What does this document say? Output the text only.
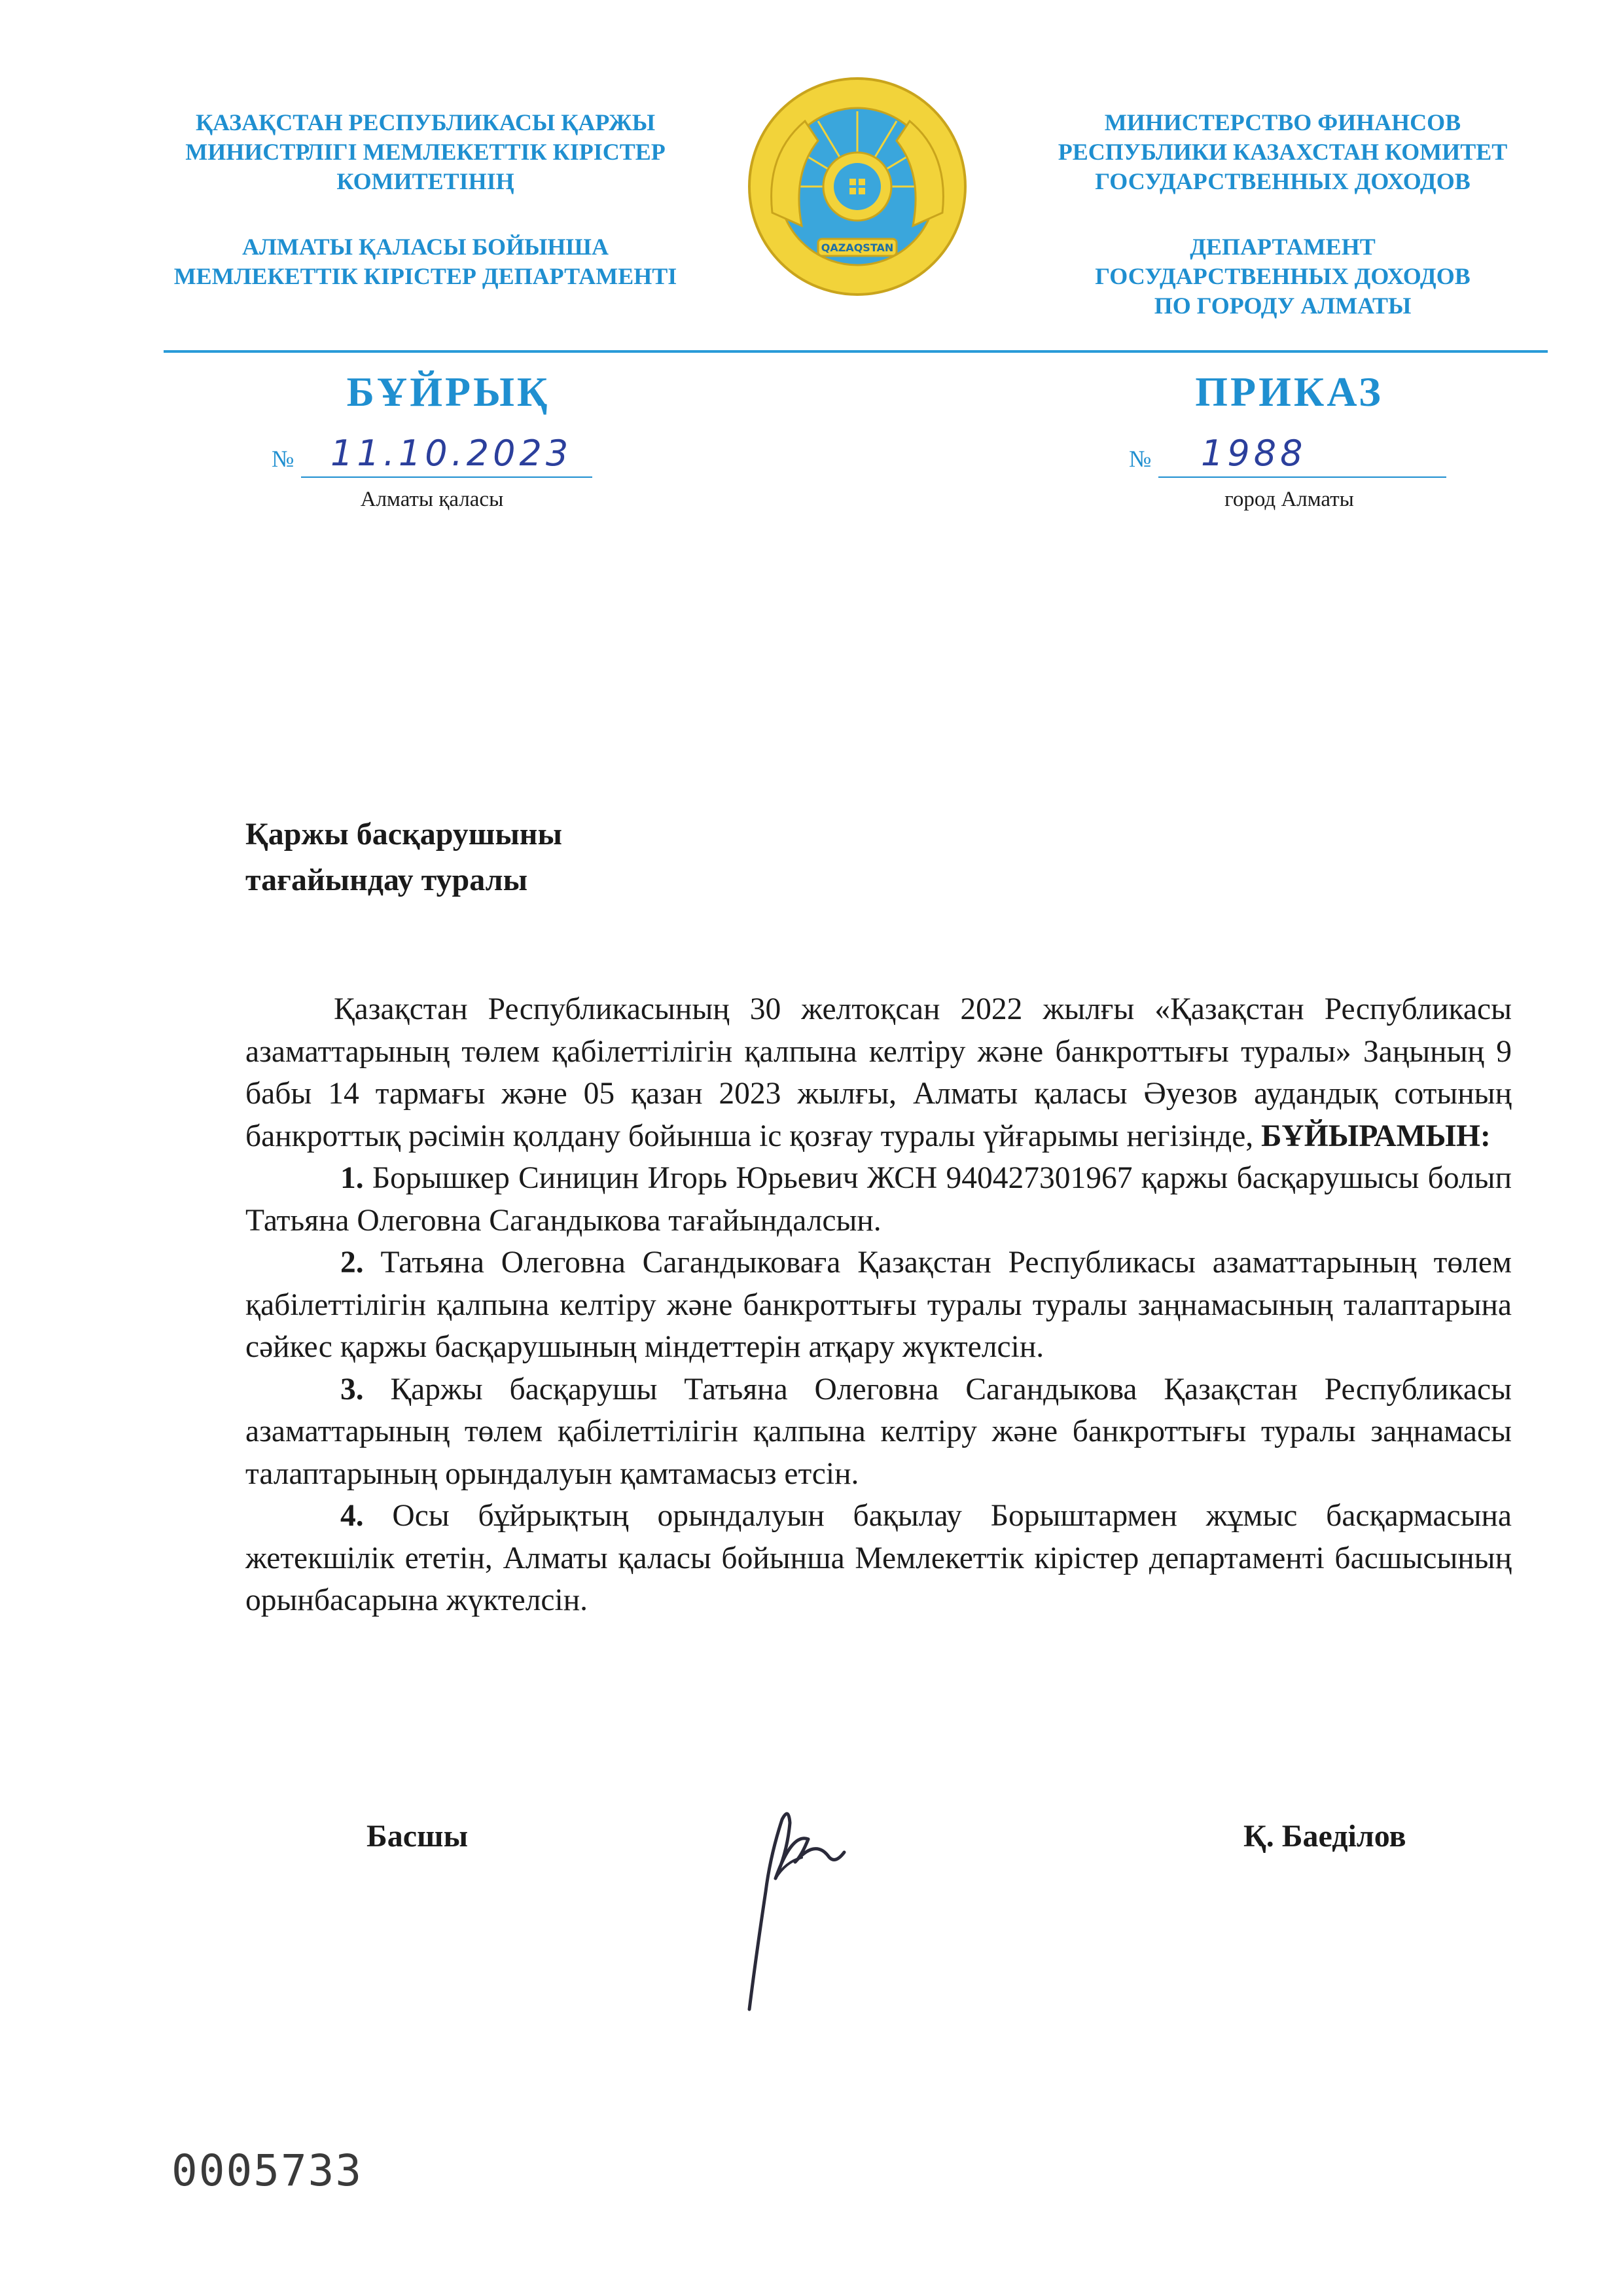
ҚАЗАҚСТАН РЕСПУБЛИКАСЫ ҚАРЖЫ
МИНИСТРЛІГІ МЕМЛЕКЕТТІК КІРІСТЕР
КОМИТЕТІНІҢ
АЛМАТЫ ҚАЛАСЫ БОЙЫНША
МЕМЛЕКЕТТІК КІРІСТЕР ДЕПАРТАМЕНТІ
QAZAQSTAN
МИНИСТЕРСТВО ФИНАНСОВ
РЕСПУБЛИКИ КАЗАХСТАН КОМИТЕТ
ГОСУДАРСТВЕННЫХ ДОХОДОВ
ДЕПАРТАМЕНТ
ГОСУДАРСТВЕННЫХ ДОХОДОВ
ПО ГОРОДУ АЛМАТЫ
БҰЙРЫҚ	ПРИКАЗ
№ 11.10.2023
Алматы қаласы
№ 1988
город Алматы
Қаржы басқарушыны
тағайындау туралы

Қазақстан Республикасының 30 желтоқсан 2022 жылғы «Қазақстан Республикасы азаматтарының төлем қабілеттілігін қалпына келтіру және банкроттығы туралы» Заңының 9 бабы 14 тармағы және 05 қазан 2023 жылғы, Алматы қаласы Әуезов аудандық сотының банкроттық рәсімін қолдану бойынша іс қозғау туралы үйғарымы негізінде, БҰЙЫРАМЫН:

1. Борышкер Синицин Игорь Юрьевич ЖСН 940427301967 қаржы басқарушысы болып Татьяна Олеговна Сагандыкова тағайындалсын.

2. Татьяна Олеговна Сагандыковаға Қазақстан Республикасы азаматтарының төлем қабілеттілігін қалпына келтіру және банкроттығы туралы туралы заңнамасының талаптарына сәйкес қаржы басқарушының міндеттерін атқару жүктелсін.

3. Қаржы басқарушы Татьяна Олеговна Сагандыкова Қазақстан Республикасы азаматтарының төлем қабілеттілігін қалпына келтіру және банкроттығы туралы заңнамасы талаптарының орындалуын қамтамасыз етсін.

4. Осы бұйрықтың орындалуын бақылау Борыштармен жұмыс басқармасына жетекшілік ететін, Алматы қаласы бойынша Мемлекеттік кірістер департаменті басшысының орынбасарына жүктелсін.

Басшы	Қ. Баеділов
0005733
